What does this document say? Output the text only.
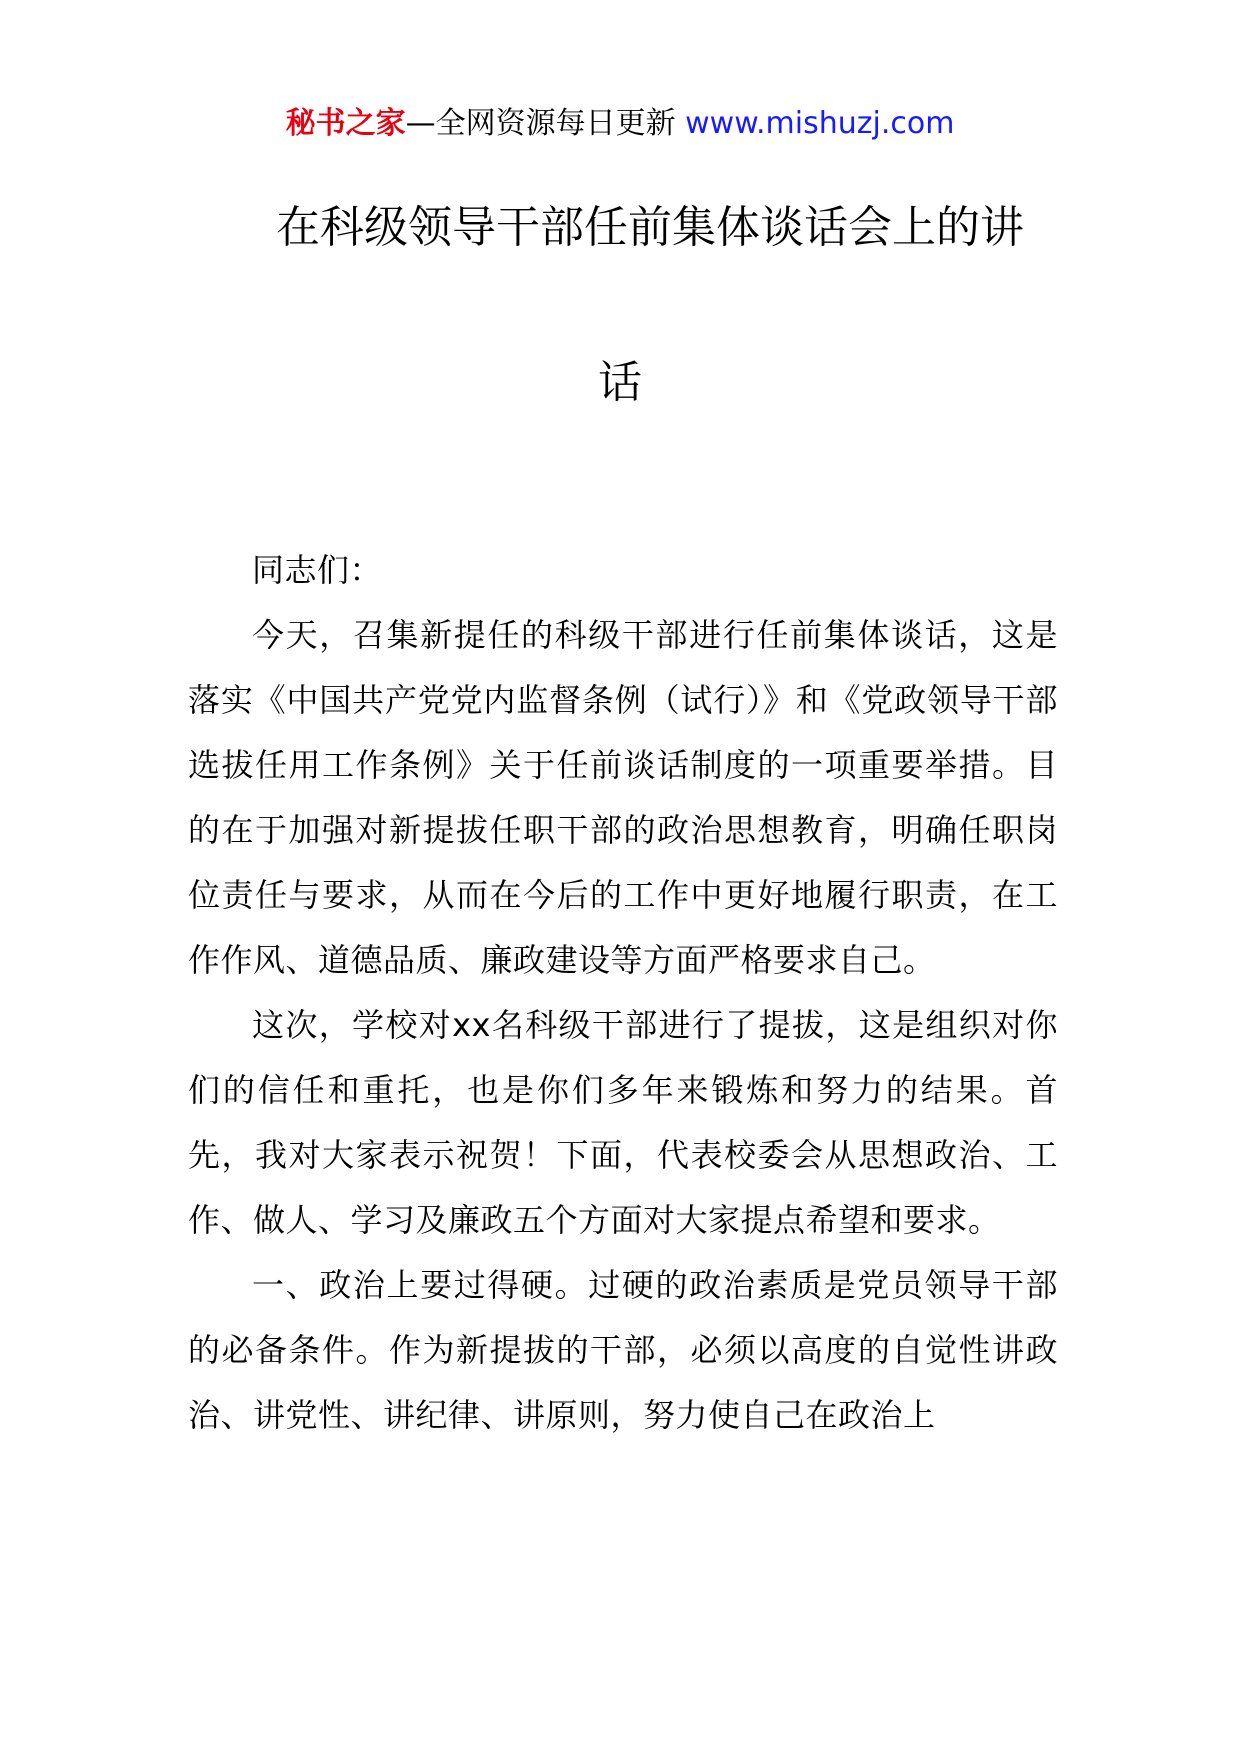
秘书之家—全网资源每日更新 www.mishuzj.com
在科级领导干部任前集体谈话会上的讲
话

同志们：

今天，召集新提任的科级干部进行任前集体谈话，这是落实《中国共产党党内监督条例（试行）》和《党政领导干部选拔任用工作条例》关于任前谈话制度的一项重要举措。目的在于加强对新提拔任职干部的政治思想教育，明确任职岗位责任与要求，从而在今后的工作中更好地履行职责，在工作作风、道德品质、廉政建设等方面严格要求自己。

这次，学校对xx名科级干部进行了提拔，这是组织对你们的信任和重托，也是你们多年来锻炼和努力的结果。首先，我对大家表示祝贺！下面，代表校委会从思想政治、工作、做人、学习及廉政五个方面对大家提点希望和要求。

一、政治上要过得硬。过硬的政治素质是党员领导干部的必备条件。作为新提拔的干部，必须以高度的自觉性讲政治、讲党性、讲纪律、讲原则，努力使自己在政治上
